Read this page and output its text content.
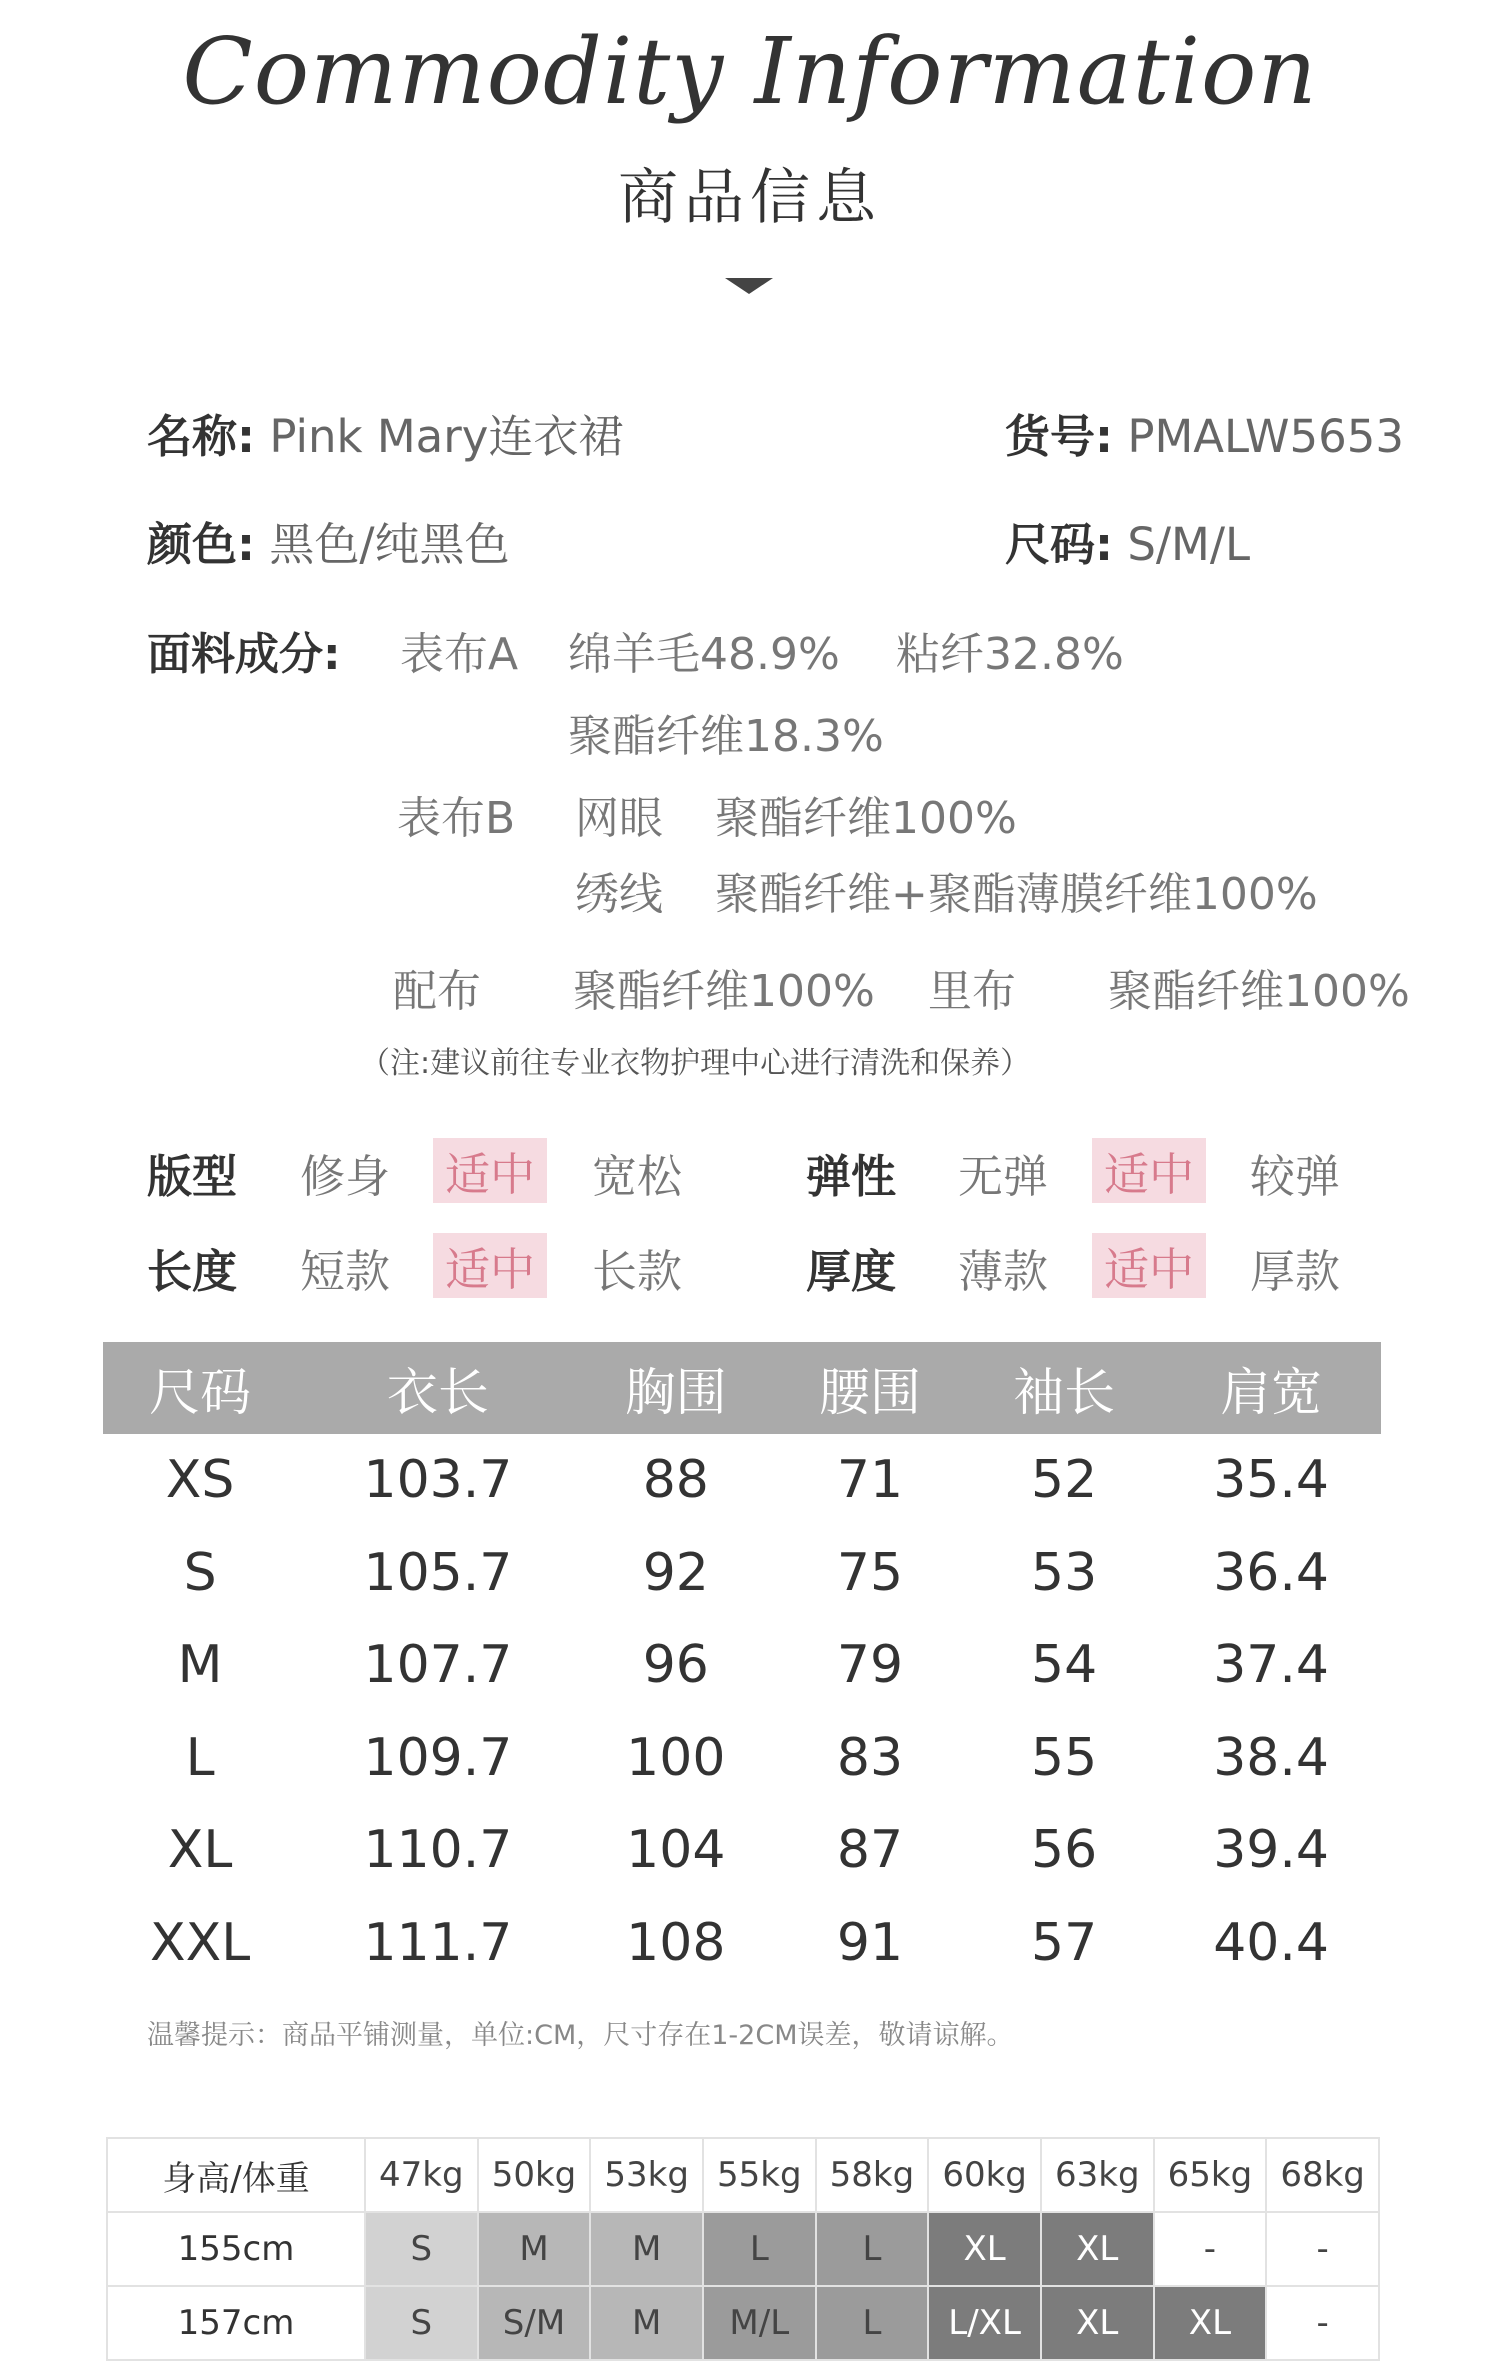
Commodity Information
商品信息
名称: Pink Mary连衣裙	货号: PMALW5653
颜色: 黑色/纯黑色	尺码: S/M/L
面料成分: 表布A 绵羊毛48.9% 粘纤32.8%
聚酯纤维18.3%
表布B 网眼 聚酯纤维100%
绣线 聚酯纤维+聚酯薄膜纤维100%
配布 聚酯纤维100% 里布 聚酯纤维100%
（注:建议前往专业衣物护理中心进行清洗和保养）
版型 修身 适中 宽松	弹性 无弹 适中 较弹
长度 短款 适中 长款	厚度 薄款 适中 厚款
尺码	衣长	胸围	腰围	袖长	肩宽
XS	103.7	88	71	52	35.4
S	105.7	92	75	53	36.4
M	107.7	96	79	54	37.4
L	109.7	100	83	55	38.4
XL	110.7	104	87	56	39.4
XXL	111.7	108	91	57	40.4
温馨提示：商品平铺测量，单位:CM，尺寸存在1-2CM误差，敬请谅解。
身高/体重	47kg	50kg	53kg	55kg	58kg	60kg	63kg	65kg	68kg
155cm	S	M	M	L	L	XL	XL	-	-
157cm	S	S/M	M	M/L	L	L/XL	XL	XL	-
